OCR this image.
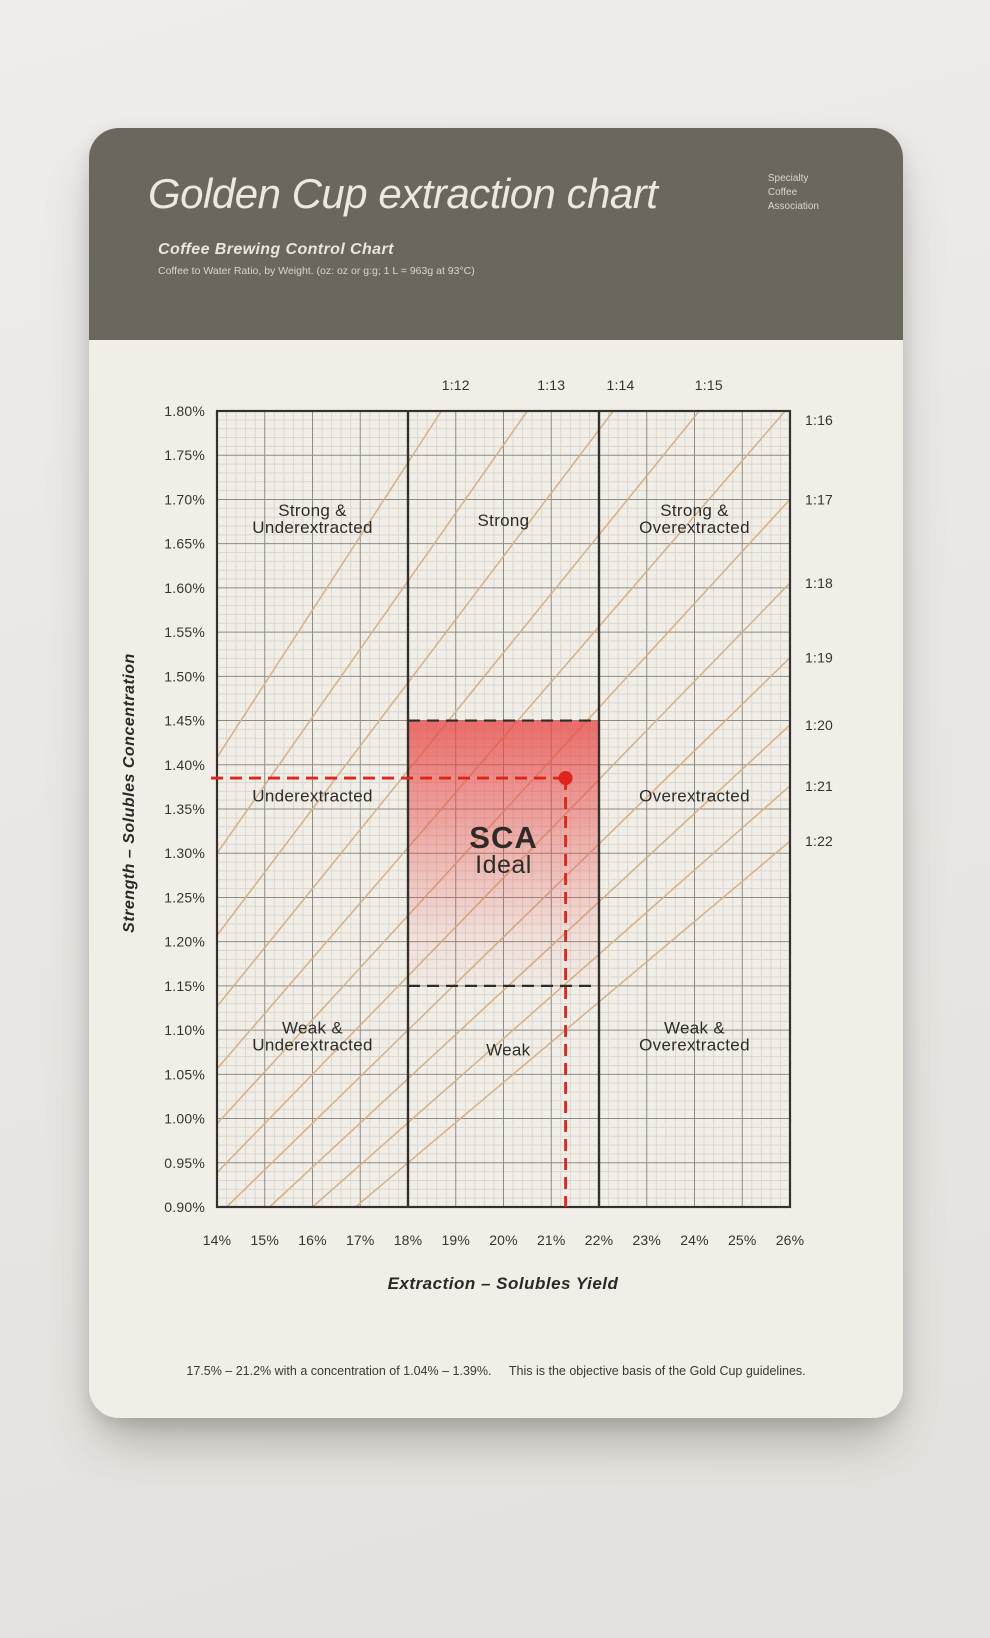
Golden Cup extraction chart	Specialty
Coffee
Association
Coffee Brewing Control Chart
Coffee to Water Ratio, by Weight. (oz: oz or g:g; 1 L = 963g at 93°C)
1.80%
1.75%
1.70%
1.65%
1.60%
1.55%
1.50%
1.45%
1.40%
1.35%
1.30%
1.25%
1.20%
1.15%
1.10%
1.05%
1.00%
0.95%
0.90%
14% 15% 16% 17% 18% 19% 20% 21% 22% 23% 24% 25% 26%
1:12	1:13	1:14	1:15
1:16
1:17
1:18
1:19
1:20
1:21
1:22
Strong &
Underextracted	Strong
Strong &
Overextracted
Underextracted	Overextracted
Weak &
Underextracted	Weak
Weak &
Overextracted
SCA
Ideal
Strength – Solubles Concentration
Extraction – Solubles Yield
17.5% – 21.2% with a concentration of 1.04% – 1.39%. This is the objective basis of the Gold Cup guidelines.
